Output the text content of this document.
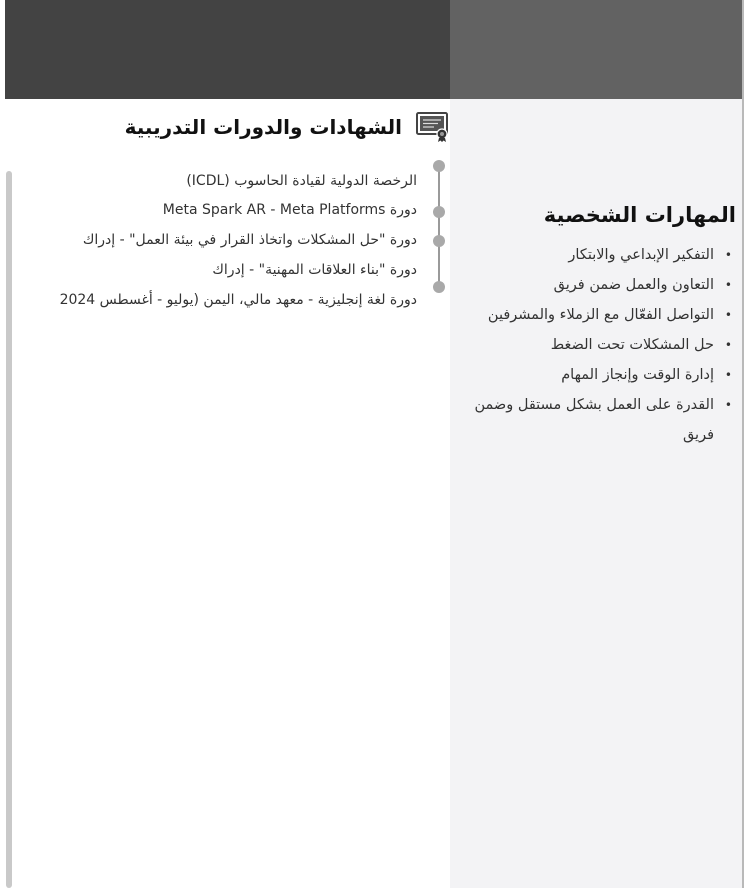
الشهادات والدورات التدريبية
الرخصة الدولية لقيادة الحاسوب (ICDL)
دورة Meta Spark AR - Meta Platforms
دورة "حل المشكلات واتخاذ القرار في بيئة العمل" - إدراك
دورة "بناء العلاقات المهنية" - إدراك
دورة لغة إنجليزية - معهد مالي، اليمن (يوليو - أغسطس 2024
المهارات الشخصية
• التفكير الإبداعي والابتكار
• التعاون والعمل ضمن فريق
• التواصل الفعّال مع الزملاء والمشرفين
• حل المشكلات تحت الضغط
• إدارة الوقت وإنجاز المهام
• القدرة على العمل بشكل مستقل وضمن فريق
